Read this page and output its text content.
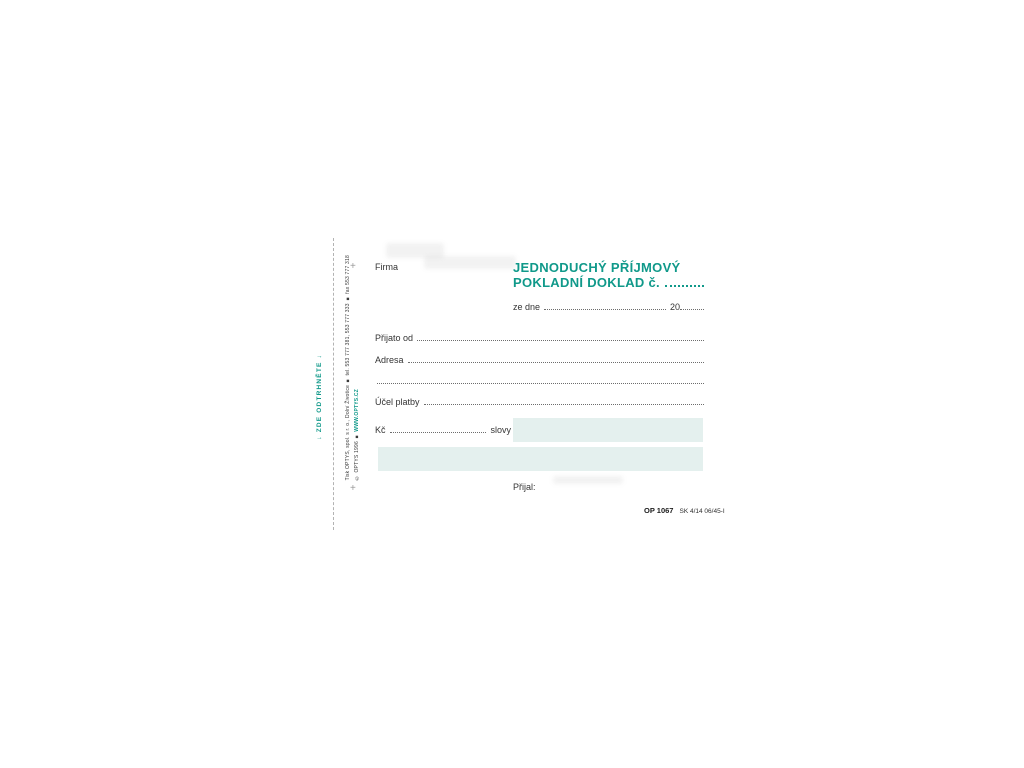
↓ ZDE ODTRHNĚTE ↓	Tisk OPTYS, spol. s r. o., Dolní Životice ■ tel. 553 777 381, 553 777 333 ■ fax 553 777 318 © OPTYS 1996 ■ WWW.OPTYS.CZ
+
+
Firma	JEDNODUCHÝ PŘÍJMOVÝ
POKLADNÍ DOKLAD č.
ze dne	20
Přijato od
Adresa
Účel platby
Kč	slovy
Přijal:
OP 1067 SK 4/14 06/45-I
